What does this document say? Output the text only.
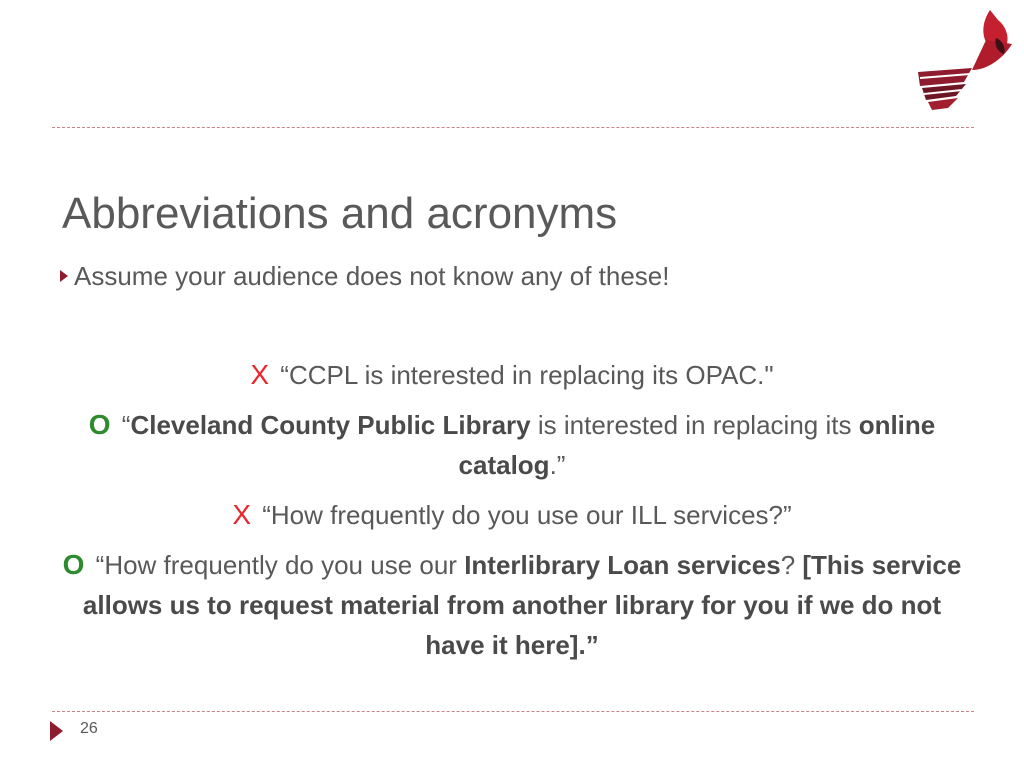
Abbreviations and acronyms
Assume your audience does not know any of these!

X “CCPL is interested in replacing its OPAC."

O “Cleveland County Public Library is interested in replacing its online catalog.”

X “How frequently do you use our ILL services?”

O “How frequently do you use our Interlibrary Loan services? [This service allows us to request material from another library for you if we do not have it here].”

26
